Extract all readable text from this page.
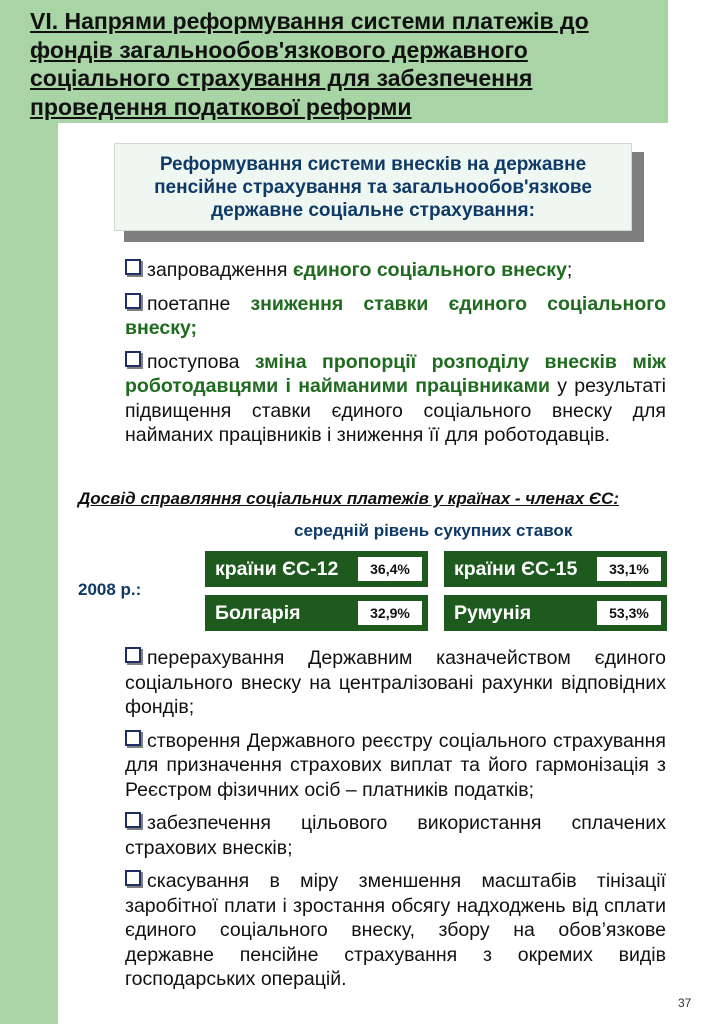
VI. Напрями реформування системи платежів до фондів загальнообов'язкового державного соціального страхування для забезпечення проведення податкової реформи
Реформування системи внесків на державне пенсійне страхування та загальнообов'язкове державне соціальне страхування:
запровадження єдиного соціального внеску;
поетапне зниження ставки єдиного соціального внеску;
поступова зміна пропорції розподілу внесків між роботодавцями і найманими працівниками у результаті підвищення ставки єдиного соціального внеску для найманих працівників і зниження її для роботодавців.

Досвід справляння соціальних платежів у країнах - членах ЄС:

середній рівень сукупних ставок

2008 р.:

країни ЄС-12	36,4%	країни ЄС-15	33,1%
Болгарія	32,9%	Румунія	53,3%
перерахування Державним казначейством єдиного соціального внеску на централізовані рахунки відповідних фондів;
створення Державного реєстру соціального страхування для призначення страхових виплат та його гармонізація з Реєстром фізичних осіб – платників податків;
забезпечення цільового використання сплачених страхових внесків;
скасування в міру зменшення масштабів тінізації заробітної плати і зростання обсягу надходжень від сплати єдиного соціального внеску, збору на обов’язкове державне пенсійне страхування з окремих видів господарських операцій.

37
